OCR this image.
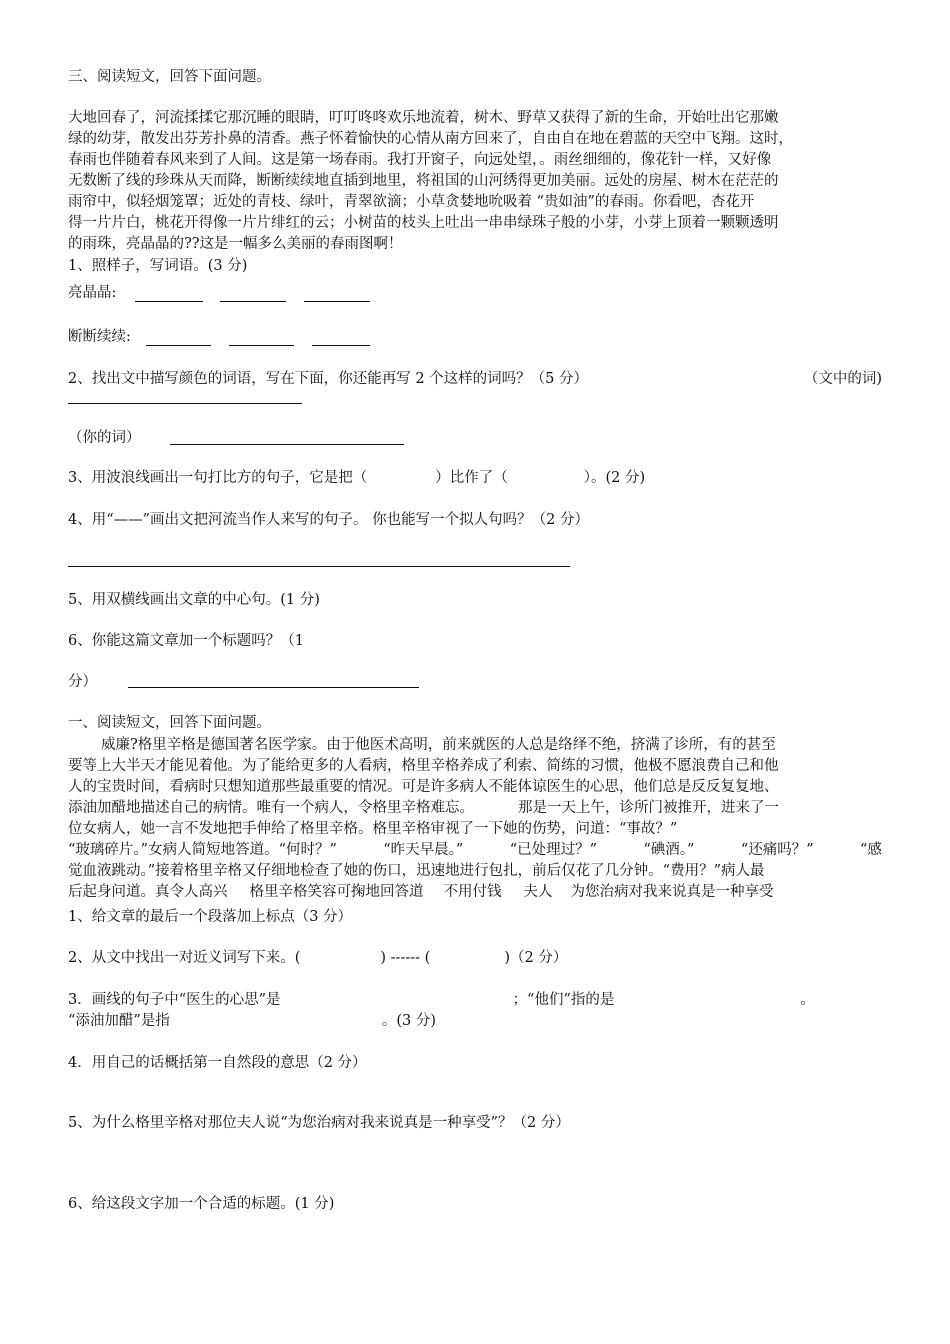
三、阅读短文，回答下面问题。
大地回春了，河流揉揉它那沉睡的眼睛，叮叮咚咚欢乐地流着，树木、野草又获得了新的生命，开始吐出它那嫩
绿的幼芽，散发出芬芳扑鼻的清香。燕子怀着愉快的心情从南方回来了，自由自在地在碧蓝的天空中飞翔。这时，
春雨也伴随着春风来到了人间。这是第一场春雨。我打开窗子，向远处望，。雨丝细细的，像花针一样，又好像
无数断了线的珍珠从天而降，断断续续地直插到地里，将祖国的山河绣得更加美丽。远处的房屋、树木在茫茫的
雨帘中，似轻烟笼罩；近处的青枝、绿叶，青翠欲滴；小草贪婪地吮吸着 “贵如油”的春雨。你看吧，杏花开
得一片片白，桃花开得像一片片绯红的云；小树苗的枝头上吐出一串串绿珠子般的小芽，小芽上顶着一颗颗透明
的雨珠，亮晶晶的??这是一幅多么美丽的春雨图啊！
1、照样子，写词语。(3 分)
亮晶晶:
断断续续:
2、找出文中描写颜色的词语，写在下面，你还能再写 2 个这样的词吗？（5 分）	（文中的词)
（你的词）
3、用波浪线画出一句打比方的句子，它是把（	）比作了（	）。(2 分)
4、用“——”画出文把河流当作人来写的句子。 你也能写一个拟人句吗？（2 分）
5、用双横线画出文章的中心句。(1 分)
6、你能这篇文章加一个标题吗？（1
分）
一、阅读短文，回答下面问题。
威廉?格里辛格是德国著名医学家。由于他医术高明，前来就医的人总是络绎不绝，挤满了诊所，有的甚至
要等上大半天才能见着他。为了能给更多的人看病，格里辛格养成了利索、简练的习惯，他极不愿浪费自己和他
人的宝贵时间，看病时只想知道那些最重要的情况。可是许多病人不能体谅医生的心思，他们总是反反复复地、
添油加醋地描述自己的病情。唯有一个病人，令格里辛格难忘。	那是一天上午，诊所门被推开，进来了一
位女病人，她一言不发地把手伸给了格里辛格。格里辛格审视了一下她的伤势，问道：“事故？”
“玻璃碎片。”女病人简短地答道。“何时？”	“昨天早晨。”	“已处理过？”	“碘酒。”	“还痛吗？”	“感
觉血液跳动。”接着格里辛格又仔细地检查了她的伤口，迅速地进行包扎，前后仅花了几分钟。“费用？”病人最
后起身问道。真令人高兴 格里辛格笑容可掬地回答道 不用付钱 夫人 为您治病对我来说真是一种享受
1、给文章的最后一个段落加上标点（3 分）
2、从文中找出一对近义词写下来。(	) ------ (	)（2 分）
3．画线的句子中“医生的心思”是	；“他们”指的是	。
“添油加醋”是指	。(3 分)
4．用自己的话概括第一自然段的意思（2 分）
5、为什么格里辛格对那位夫人说“为您治病对我来说真是一种享受”？（2 分）
6、给这段文字加一个合适的标题。(1 分)
